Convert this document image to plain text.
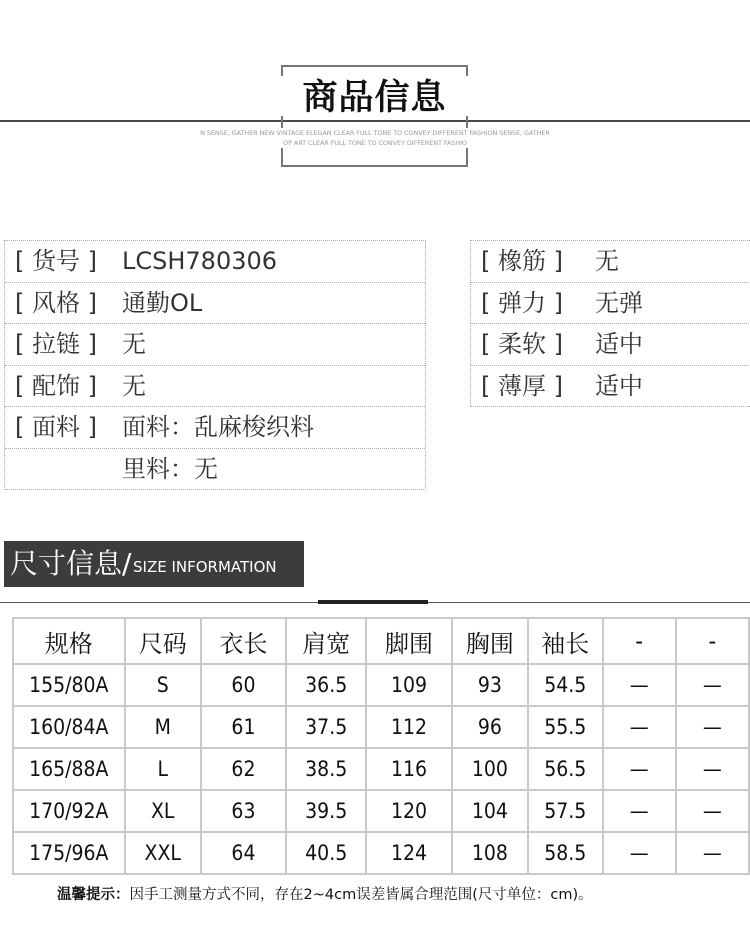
商品信息
N SENSE, GATHER NEW VINTAGE ELEGAN CLEAR FULL TONE TO CONVEY DIFFERENT FASHION SENSE, GATHER
OP ART CLEAR FULL TONE TO CONVEY DIFFERENT FASHIO
[ 货号 ] LCSH780306
[ 风格 ] 通勤OL
[ 拉链 ] 无
[ 配饰 ] 无
[ 面料 ] 面料：乱麻梭织料
里料：无
[ 橡筋 ] 无
[ 弹力 ] 无弹
[ 柔软 ] 适中
[ 薄厚 ] 适中
尺寸信息/ SIZE INFORMATION
规格	尺码	衣长	肩宽	脚围	胸围	袖长	-	-
155/80A	S	60	36.5	109	93	54.5	—	—
160/84A	M	61	37.5	112	96	55.5	—	—
165/88A	L	62	38.5	116	100	56.5	—	—
170/92A	XL	63	39.5	120	104	57.5	—	—
175/96A	XXL	64	40.5	124	108	58.5	—	—
温馨提示：因手工测量方式不同，存在2~4cm误差皆属合理范围(尺寸单位：cm)。
